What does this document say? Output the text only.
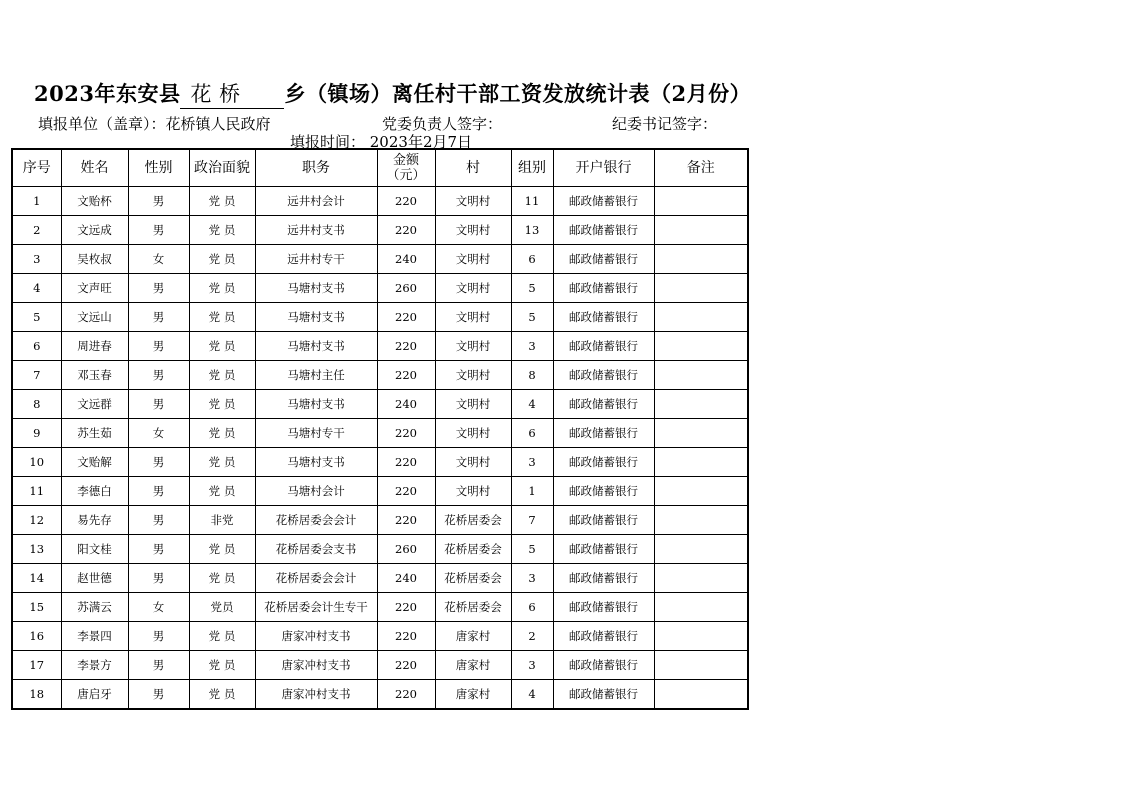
2023年东安县 花 桥 乡（镇场）离任村干部工资发放统计表（2月份）
填报单位（盖章）：花桥镇人民政府	党委负责人签字：	纪委书记签字：
填报时间： 2023年2月7日
序号	姓名	性别	政治面貌	职务	金额（元）	村	组别	开户银行	备注
1	文贻杯	男	党 员	远井村会计	220	文明村	11	邮政储蓄银行	
2	文远成	男	党 员	远井村支书	220	文明村	13	邮政储蓄银行	
3	吴枚叔	女	党 员	远井村专干	240	文明村	6	邮政储蓄银行	
4	文声旺	男	党 员	马塘村支书	260	文明村	5	邮政储蓄银行	
5	文远山	男	党 员	马塘村支书	220	文明村	5	邮政储蓄银行	
6	周进春	男	党 员	马塘村支书	220	文明村	3	邮政储蓄银行	
7	邓玉春	男	党 员	马塘村主任	220	文明村	8	邮政储蓄银行	
8	文远群	男	党 员	马塘村支书	240	文明村	4	邮政储蓄银行	
9	苏生茹	女	党 员	马塘村专干	220	文明村	6	邮政储蓄银行	
10	文贻解	男	党 员	马塘村支书	220	文明村	3	邮政储蓄银行	
11	李德白	男	党 员	马塘村会计	220	文明村	1	邮政储蓄银行	
12	易先存	男	非党	花桥居委会会计	220	花桥居委会	7	邮政储蓄银行	
13	阳文桂	男	党 员	花桥居委会支书	260	花桥居委会	5	邮政储蓄银行	
14	赵世德	男	党 员	花桥居委会会计	240	花桥居委会	3	邮政储蓄银行	
15	苏满云	女	党员	花桥居委会计生专干	220	花桥居委会	6	邮政储蓄银行	
16	李景四	男	党 员	唐家冲村支书	220	唐家村	2	邮政储蓄银行	
17	李景方	男	党 员	唐家冲村支书	220	唐家村	3	邮政储蓄银行	
18	唐启牙	男	党 员	唐家冲村支书	220	唐家村	4	邮政储蓄银行	
